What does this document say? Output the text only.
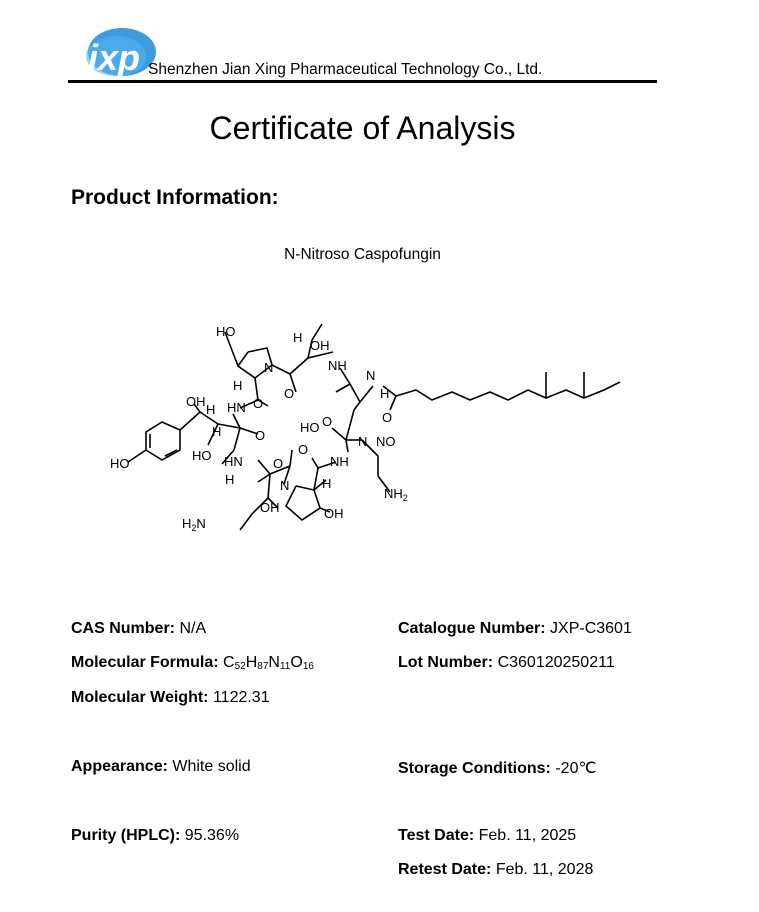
jxp Shenzhen Jian Xing Pharmaceutical Technology Co., Ltd.
Certificate of Analysis
Product Information:
N-Nitroso Caspofungin
HO
OH
H
NH
N
O
H
HN O
OH
H
HO
H
HO
O
O
N
H
O
HO
HN
H
O
N
NH
N NO
O
H
$NH_2$
OH
$H_2N$
OH
CAS Number: N/A	Catalogue Number: JXP-C3601
Molecular Formula: $C_{52}H_{87}N_{11}O_{16}$	Lot Number: C360120250211
Molecular Weight: 1122.31
Appearance: White solid	Storage Conditions: -20℃
Purity (HPLC): 95.36%	Test Date: Feb. 11, 2025
Retest Date: Feb. 11, 2028
